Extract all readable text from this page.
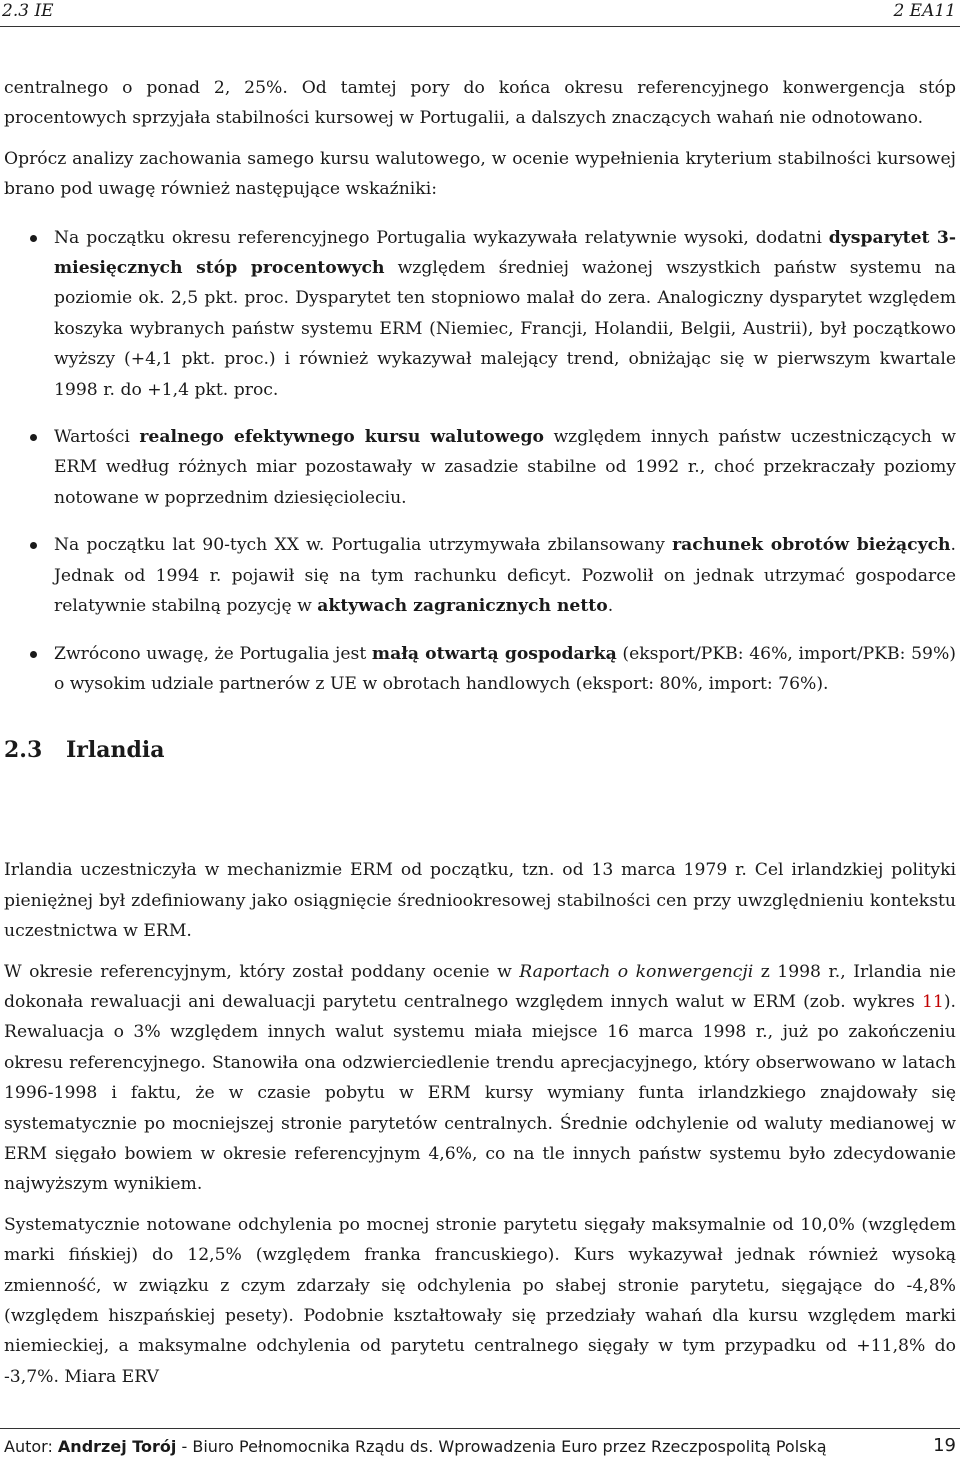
2.3 IE	2 EA11

centralnego o ponad 2, 25%. Od tamtej pory do końca okresu referencyjnego konwergencja stóp procentowych sprzyjała stabilności kursowej w Portugalii, a dalszych znaczących wahań nie odnotowano.

Oprócz analizy zachowania samego kursu walutowego, w ocenie wypełnienia kryterium stabilności kursowej brano pod uwagę również następujące wskaźniki:

Na początku okresu referencyjnego Portugalia wykazywała relatywnie wysoki, dodatni dysparytet 3-miesięcznych stóp procentowych względem średniej ważonej wszystkich państw systemu na poziomie ok. 2,5 pkt. proc. Dysparytet ten stopniowo malał do zera. Analogiczny dysparytet względem koszyka wybranych państw systemu ERM (Niemiec, Francji, Holandii, Belgii, Austrii), był początkowo wyższy (+4,1 pkt. proc.) i również wykazywał malejący trend, obniżając się w pierwszym kwartale 1998 r. do +1,4 pkt. proc.
Wartości realnego efektywnego kursu walutowego względem innych państw uczestniczących w ERM według różnych miar pozostawały w zasadzie stabilne od 1992 r., choć przekraczały poziomy notowane w poprzednim dziesięcioleciu.
Na początku lat 90-tych XX w. Portugalia utrzymywała zbilansowany rachunek obrotów bieżących. Jednak od 1994 r. pojawił się na tym rachunku deficyt. Pozwolił on jednak utrzymać gospodarce relatywnie stabilną pozycję w aktywach zagranicznych netto.
Zwrócono uwagę, że Portugalia jest małą otwartą gospodarką (eksport/PKB: 46%, import/PKB: 59%) o wysokim udziale partnerów z UE w obrotach handlowych (eksport: 80%, import: 76%).
2.3 Irlandia

Irlandia uczestniczyła w mechanizmie ERM od początku, tzn. od 13 marca 1979 r. Cel irlandzkiej polityki pieniężnej był zdefiniowany jako osiągnięcie średniookresowej stabilności cen przy uwzględnieniu kontekstu uczestnictwa w ERM.

W okresie referencyjnym, który został poddany ocenie w Raportach o konwergencji z 1998 r., Irlandia nie dokonała rewaluacji ani dewaluacji parytetu centralnego względem innych walut w ERM (zob. wykres 11). Rewaluacja o 3% względem innych walut systemu miała miejsce 16 marca 1998 r., już po zakończeniu okresu referencyjnego. Stanowiła ona odzwierciedlenie trendu aprecjacyjnego, który obserwowano w latach 1996-1998 i faktu, że w czasie pobytu w ERM kursy wymiany funta irlandzkiego znajdowały się systematycznie po mocniejszej stronie parytetów centralnych. Średnie odchylenie od waluty medianowej w ERM sięgało bowiem w okresie referencyjnym 4,6%, co na tle innych państw systemu było zdecydowanie najwyższym wynikiem.

Systematycznie notowane odchylenia po mocnej stronie parytetu sięgały maksymalnie od 10,0% (względem marki fińskiej) do 12,5% (względem franka francuskiego). Kurs wykazywał jednak również wysoką zmienność, w związku z czym zdarzały się odchylenia po słabej stronie parytetu, sięgające do -4,8% (względem hiszpańskiej pesety). Podobnie kształtowały się przedziały wahań dla kursu względem marki niemieckiej, a maksymalne odchylenia od parytetu centralnego sięgały w tym przypadku od +11,8% do -3,7%. Miara ERV

Autor: Andrzej Torój - Biuro Pełnomocnika Rządu ds. Wprowadzenia Euro przez Rzeczpospolitą Polską	19
